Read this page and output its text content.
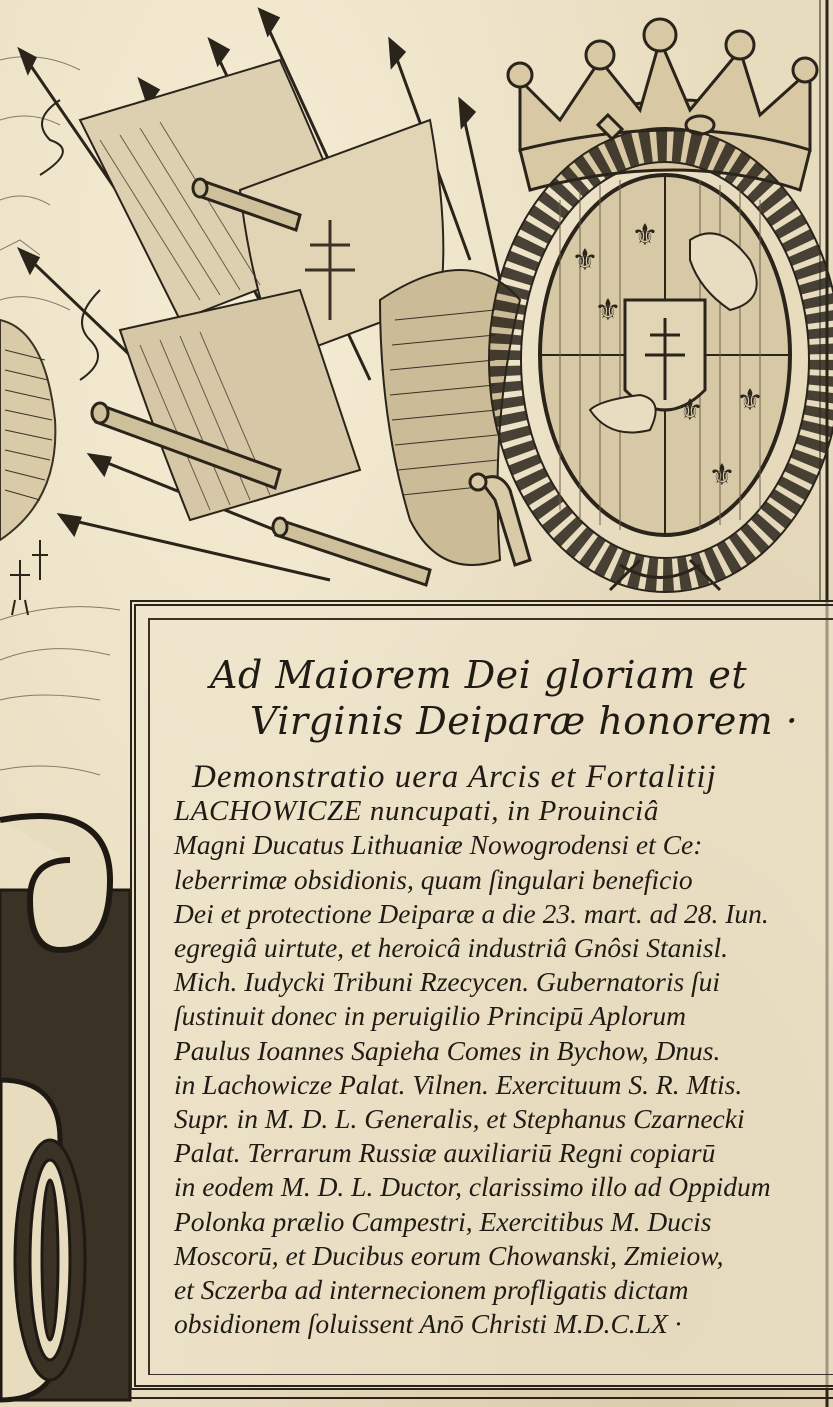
⚜
⚜
⚜
⚜ ⚜
⚜
Ad Maiorem Dei gloriam et
Virginis Deiparæ honorem ·
Demonstratio uera Arcis et Fortalitij
LACHOWICZE nuncupati, in Prouinciâ
Magni Ducatus Lithuaniæ Nowogrodensi et Ce:
leberrimæ obsidionis, quam ſingulari beneficio
Dei et protectione Deiparæ a die 23. mart. ad 28. Iun.
egregiâ uirtute, et heroicâ industriâ Gnôsi Stanisl.
Mich. Iudycki Tribuni Rzecycen. Gubernatoris ſui
ſustinuit donec in peruigilio Principū Aplorum
Paulus Ioannes Sapieha Comes in Bychow, Dnus.
in Lachowicze Palat. Vilnen. Exercituum S. R. Mtis.
Supr. in M. D. L. Generalis, et Stephanus Czarnecki
Palat. Terrarum Russiæ auxiliariū Regni copiarū
in eodem M. D. L. Ductor, clarissimo illo ad Oppidum
Polonka prælio Campestri, Exercitibus M. Ducis
Moscorū, et Ducibus eorum Chowanski, Zmieiow,
et Sczerba ad internecionem profligatis dictam
obsidionem ſoluissent Anō Christi M.D.C.LX ·
